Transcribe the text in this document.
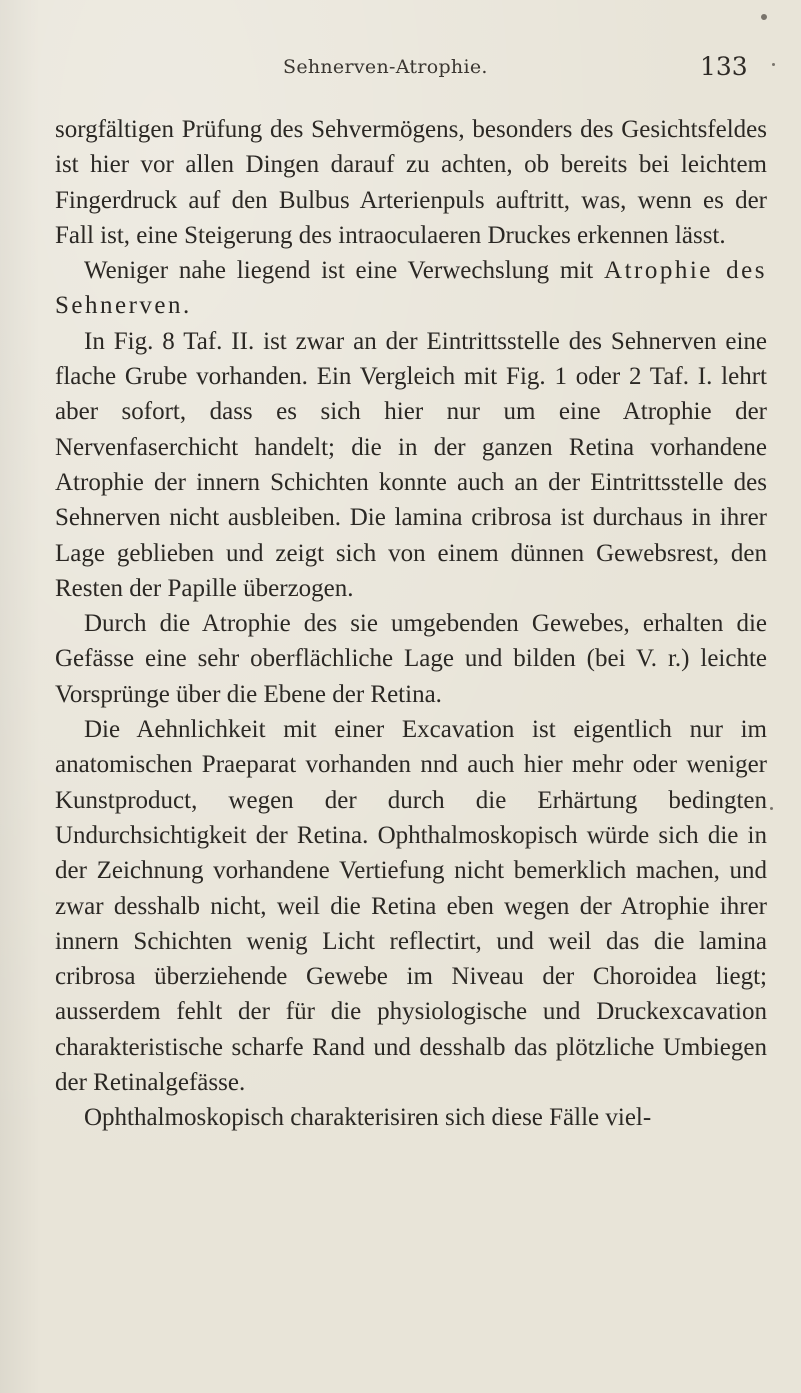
Sehnerven-Atrophie.	133

sorgfältigen Prüfung des Sehvermögens, besonders des Gesichtsfeldes ist hier vor allen Dingen darauf zu achten, ob bereits bei leichtem Fingerdruck auf den Bulbus Arterienpuls auftritt, was, wenn es der Fall ist, eine Steigerung des intraoculaeren Druckes erkennen lässt.

Weniger nahe liegend ist eine Verwechslung mit Atrophie des Sehnerven.

In Fig. 8 Taf. II. ist zwar an der Eintrittsstelle des Sehnerven eine flache Grube vorhanden. Ein Vergleich mit Fig. 1 oder 2 Taf. I. lehrt aber sofort, dass es sich hier nur um eine Atrophie der Nervenfaserchicht handelt; die in der ganzen Retina vorhandene Atrophie der innern Schichten konnte auch an der Eintrittsstelle des Sehnerven nicht ausbleiben. Die lamina cribrosa ist durchaus in ihrer Lage geblieben und zeigt sich von einem dünnen Gewebsrest, den Resten der Papille überzogen.

Durch die Atrophie des sie umgebenden Gewebes, erhalten die Gefässe eine sehr oberflächliche Lage und bilden (bei V. r.) leichte Vorsprünge über die Ebene der Retina.

Die Aehnlichkeit mit einer Excavation ist eigentlich nur im anatomischen Praeparat vorhanden nnd auch hier mehr oder weniger Kunstproduct, wegen der durch die Erhärtung bedingten Undurchsichtigkeit der Retina. Ophthalmoskopisch würde sich die in der Zeichnung vorhandene Vertiefung nicht bemerklich machen, und zwar desshalb nicht, weil die Retina eben wegen der Atrophie ihrer innern Schichten wenig Licht reflectirt, und weil das die lamina cribrosa überziehende Gewebe im Niveau der Choroidea liegt; ausserdem fehlt der für die physiologische und Druckexcavation charakteristische scharfe Rand und desshalb das plötzliche Umbiegen der Retinalgefässe.

Ophthalmoskopisch charakterisiren sich diese Fälle viel-
